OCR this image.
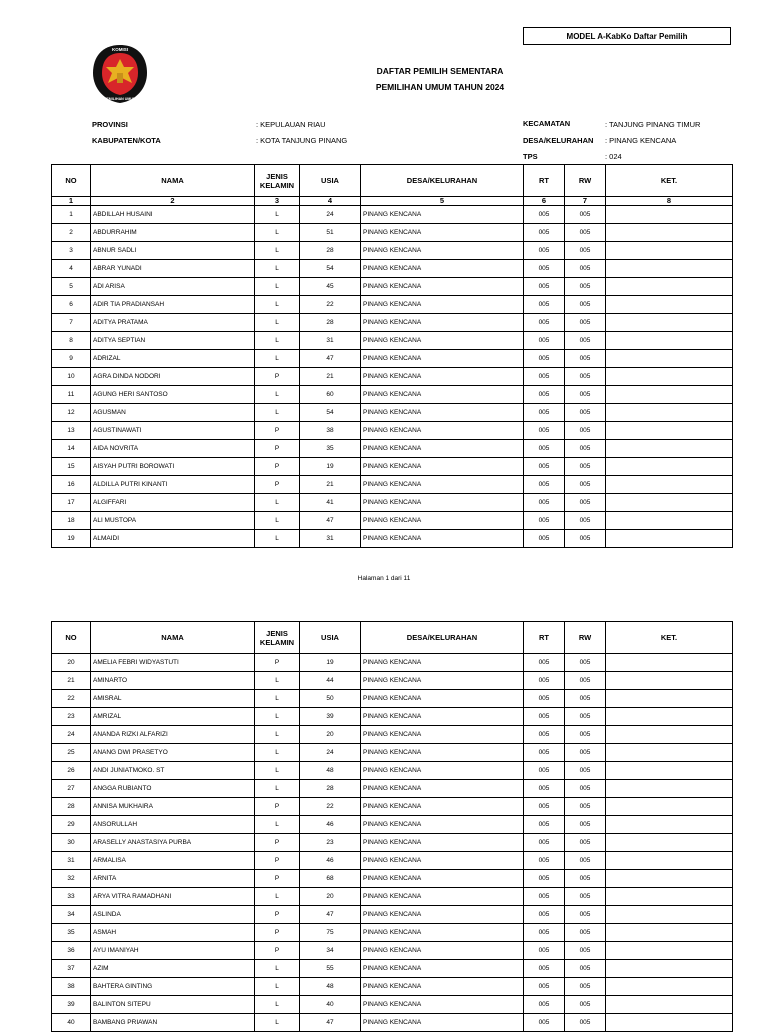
MODEL A-KabKo Daftar Pemilih
KOMISI
PEMILIHAN UMUM
DAFTAR PEMILIH SEMENTARA
PEMILIHAN UMUM TAHUN 2024
PROVINSI	: KEPULAUAN RIAU
KABUPATEN/KOTA	: KOTA TANJUNG PINANG
KECAMATAN	: TANJUNG PINANG TIMUR
DESA/KELURAHAN : PINANG KENCANA
TPS	: 024
NO	NAMA	JENIS KELAMIN	USIA	DESA/KELURAHAN	RT	RW	KET.
1	2	3	4	5	6	7	8
1	ABDILLAH HUSAINI	L	24	PINANG KENCANA	005	005	
2	ABDURRAHIM	L	51	PINANG KENCANA	005	005	
3	ABNUR SADLI	L	28	PINANG KENCANA	005	005	
4	ABRAR YUNADI	L	54	PINANG KENCANA	005	005	
5	ADI ARISA	L	45	PINANG KENCANA	005	005	
6	ADIR TIA PRADIANSAH	L	22	PINANG KENCANA	005	005	
7	ADITYA PRATAMA	L	28	PINANG KENCANA	005	005	
8	ADITYA SEPTIAN	L	31	PINANG KENCANA	005	005	
9	ADRIZAL	L	47	PINANG KENCANA	005	005	
10	AGRA DINDA NODORI	P	21	PINANG KENCANA	005	005	
11	AGUNG HERI SANTOSO	L	60	PINANG KENCANA	005	005	
12	AGUSMAN	L	54	PINANG KENCANA	005	005	
13	AGUSTINAWATI	P	38	PINANG KENCANA	005	005	
14	AIDA NOVRITA	P	35	PINANG KENCANA	005	005	
15	AISYAH PUTRI BOROWATI	P	19	PINANG KENCANA	005	005	
16	ALDILLA PUTRI KINANTI	P	21	PINANG KENCANA	005	005	
17	ALGIFFARI	L	41	PINANG KENCANA	005	005	
18	ALI MUSTOPA	L	47	PINANG KENCANA	005	005	
19	ALMAIDI	L	31	PINANG KENCANA	005	005	
Halaman 1 dari 11
NO	NAMA	JENIS KELAMIN	USIA	DESA/KELURAHAN	RT	RW	KET.
20	AMELIA FEBRI WIDYASTUTI	P	19	PINANG KENCANA	005	005	
21	AMINARTO	L	44	PINANG KENCANA	005	005	
22	AMISRAL	L	50	PINANG KENCANA	005	005	
23	AMRIZAL	L	39	PINANG KENCANA	005	005	
24	ANANDA RIZKI ALFARIZI	L	20	PINANG KENCANA	005	005	
25	ANANG DWI PRASETYO	L	24	PINANG KENCANA	005	005	
26	ANDI JUNIATMOKO. ST	L	48	PINANG KENCANA	005	005	
27	ANGGA RUBIANTO	L	28	PINANG KENCANA	005	005	
28	ANNISA MUKHAIRA	P	22	PINANG KENCANA	005	005	
29	ANSORULLAH	L	46	PINANG KENCANA	005	005	
30	ARASELLY ANASTASIYA PURBA	P	23	PINANG KENCANA	005	005	
31	ARMALISA	P	46	PINANG KENCANA	005	005	
32	ARNITA	P	68	PINANG KENCANA	005	005	
33	ARYA VITRA RAMADHANI	L	20	PINANG KENCANA	005	005	
34	ASLINDA	P	47	PINANG KENCANA	005	005	
35	ASMAH	P	75	PINANG KENCANA	005	005	
36	AYU IMANIYAH	P	34	PINANG KENCANA	005	005	
37	AZIM	L	55	PINANG KENCANA	005	005	
38	BAHTERA GINTING	L	48	PINANG KENCANA	005	005	
39	BALINTON SITEPU	L	40	PINANG KENCANA	005	005	
40	BAMBANG PRIAWAN	L	47	PINANG KENCANA	005	005	
